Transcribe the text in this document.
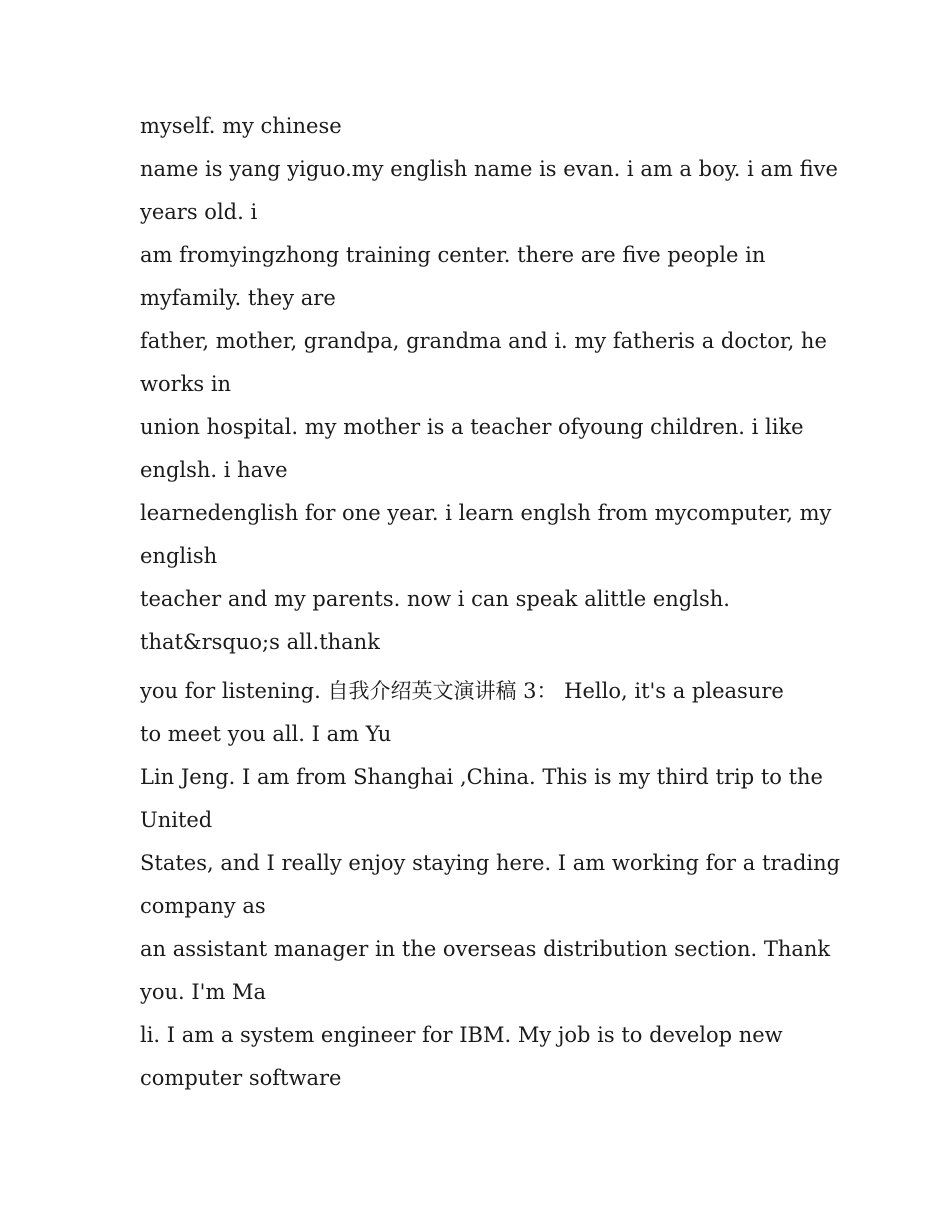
myself. my chinese
name is yang yiguo.my english name is evan. i am a boy. i am five
years old. i
am fromyingzhong training center. there are five people in
myfamily. they are
father, mother, grandpa, grandma and i. my fatheris a doctor, he
works in
union hospital. my mother is a teacher ofyoung children. i like
englsh. i have
learnedenglish for one year. i learn englsh from mycomputer, my
english
teacher and my parents. now i can speak alittle englsh.
that&rsquo;s all.thank
you for listening. 自我介绍英文演讲稿 3： Hello, it's a pleasure
to meet you all. I am Yu
Lin Jeng. I am from Shanghai ,China. This is my third trip to the
United
States, and I really enjoy staying here. I am working for a trading
company as
an assistant manager in the overseas distribution section. Thank
you. I'm Ma
li. I am a system engineer for IBM. My job is to develop new
computer software
